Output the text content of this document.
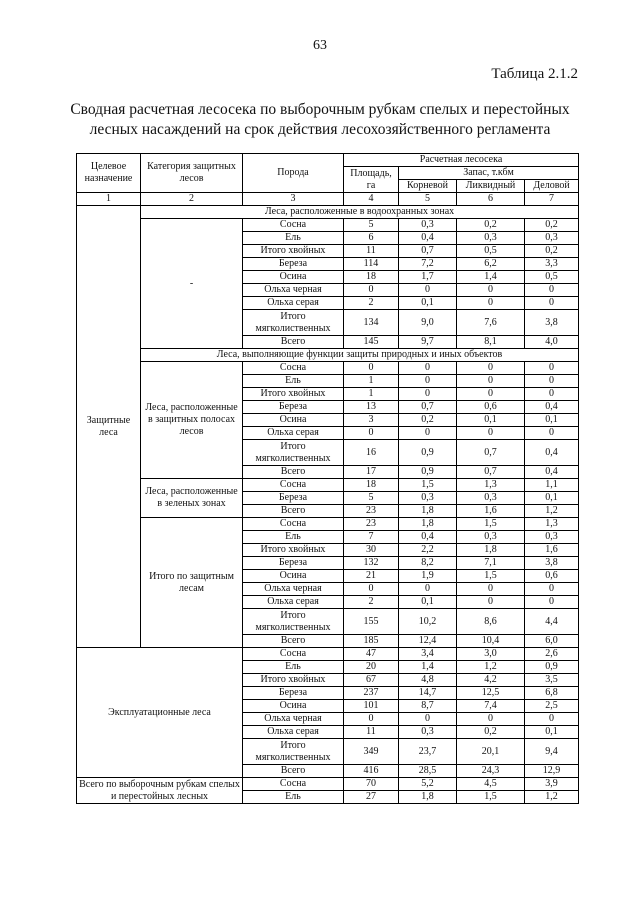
63
Таблица 2.1.2
Сводная расчетная лесосека по выборочным рубкам спелых и перестойных лесных насаждений на срок действия лесохозяйственного регламента
Целевое назначение	Категория защитных лесов	Порода	Расчетная лесосека			
			Площадь, га	Запас, т.кбм		
				Корневой	Ликвидный	Деловой
1	2	3	4	5	6	7
Защитные леса	Леса, расположенные в водоохранных зонах					
	-	Сосна	5	0,3	0,2	0,2
		Ель	6	0,4	0,3	0,3
		Итого хвойных	11	0,7	0,5	0,2
		Береза	114	7,2	6,2	3,3
		Осина	18	1,7	1,4	0,5
		Ольха черная	0	0	0	0
		Ольха серая	2	0,1	0	0
		Итого мягколиственных	134	9,0	7,6	3,8
		Всего	145	9,7	8,1	4,0
	Леса, выполняющие функции защиты природных и иных объектов					
	Леса, расположенные в защитных полосах лесов	Сосна	0	0	0	0
		Ель	1	0	0	0
		Итого хвойных	1	0	0	0
		Береза	13	0,7	0,6	0,4
		Осина	3	0,2	0,1	0,1
		Ольха серая	0	0	0	0
		Итого мягколиственных	16	0,9	0,7	0,4
		Всего	17	0,9	0,7	0,4
	Леса, расположенные в зеленых зонах	Сосна	18	1,5	1,3	1,1
		Береза	5	0,3	0,3	0,1
		Всего	23	1,8	1,6	1,2
	Итого по защитным лесам	Сосна	23	1,8	1,5	1,3
		Ель	7	0,4	0,3	0,3
		Итого хвойных	30	2,2	1,8	1,6
		Береза	132	8,2	7,1	3,8
		Осина	21	1,9	1,5	0,6
		Ольха черная	0	0	0	0
		Ольха серая	2	0,1	0	0
		Итого мягколиственных	155	10,2	8,6	4,4
		Всего	185	12,4	10,4	6,0
Эксплуатационные леса		Сосна	47	3,4	3,0	2,6
		Ель	20	1,4	1,2	0,9
		Итого хвойных	67	4,8	4,2	3,5
		Береза	237	14,7	12,5	6,8
		Осина	101	8,7	7,4	2,5
		Ольха черная	0	0	0	0
		Ольха серая	11	0,3	0,2	0,1
		Итого мягколиственных	349	23,7	20,1	9,4
		Всего	416	28,5	24,3	12,9
Всего по выборочным рубкам спелых и перестойных лесных		Сосна	70	5,2	4,5	3,9
		Ель	27	1,8	1,5	1,2
